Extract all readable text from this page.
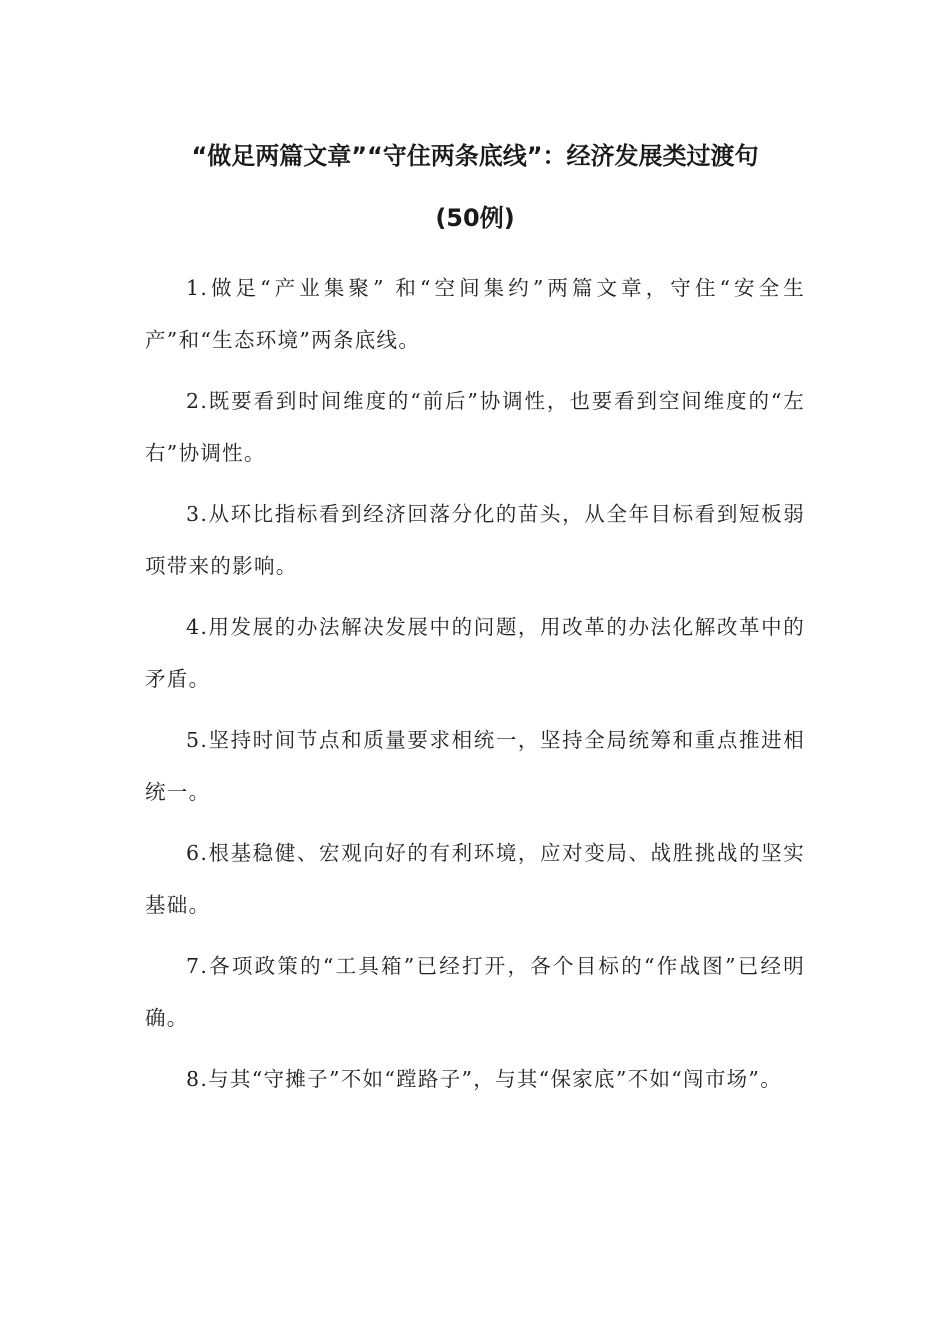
“做足两篇文章”“守住两条底线”：经济发展类过渡句
(50例)

1.做足“产业集聚” 和“空间集约”两篇文章，守住“安全生产”和“生态环境”两条底线。

2.既要看到时间维度的“前后”协调性，也要看到空间维度的“左右”协调性。

3.从环比指标看到经济回落分化的苗头，从全年目标看到短板弱项带来的影响。

4.用发展的办法解决发展中的问题，用改革的办法化解改革中的矛盾。

5.坚持时间节点和质量要求相统一，坚持全局统筹和重点推进相统一。

6.根基稳健、宏观向好的有利环境，应对变局、战胜挑战的坚实基础。

7.各项政策的“工具箱”已经打开，各个目标的“作战图”已经明确。

8.与其“守摊子”不如“蹚路子”，与其“保家底”不如“闯市场”。
